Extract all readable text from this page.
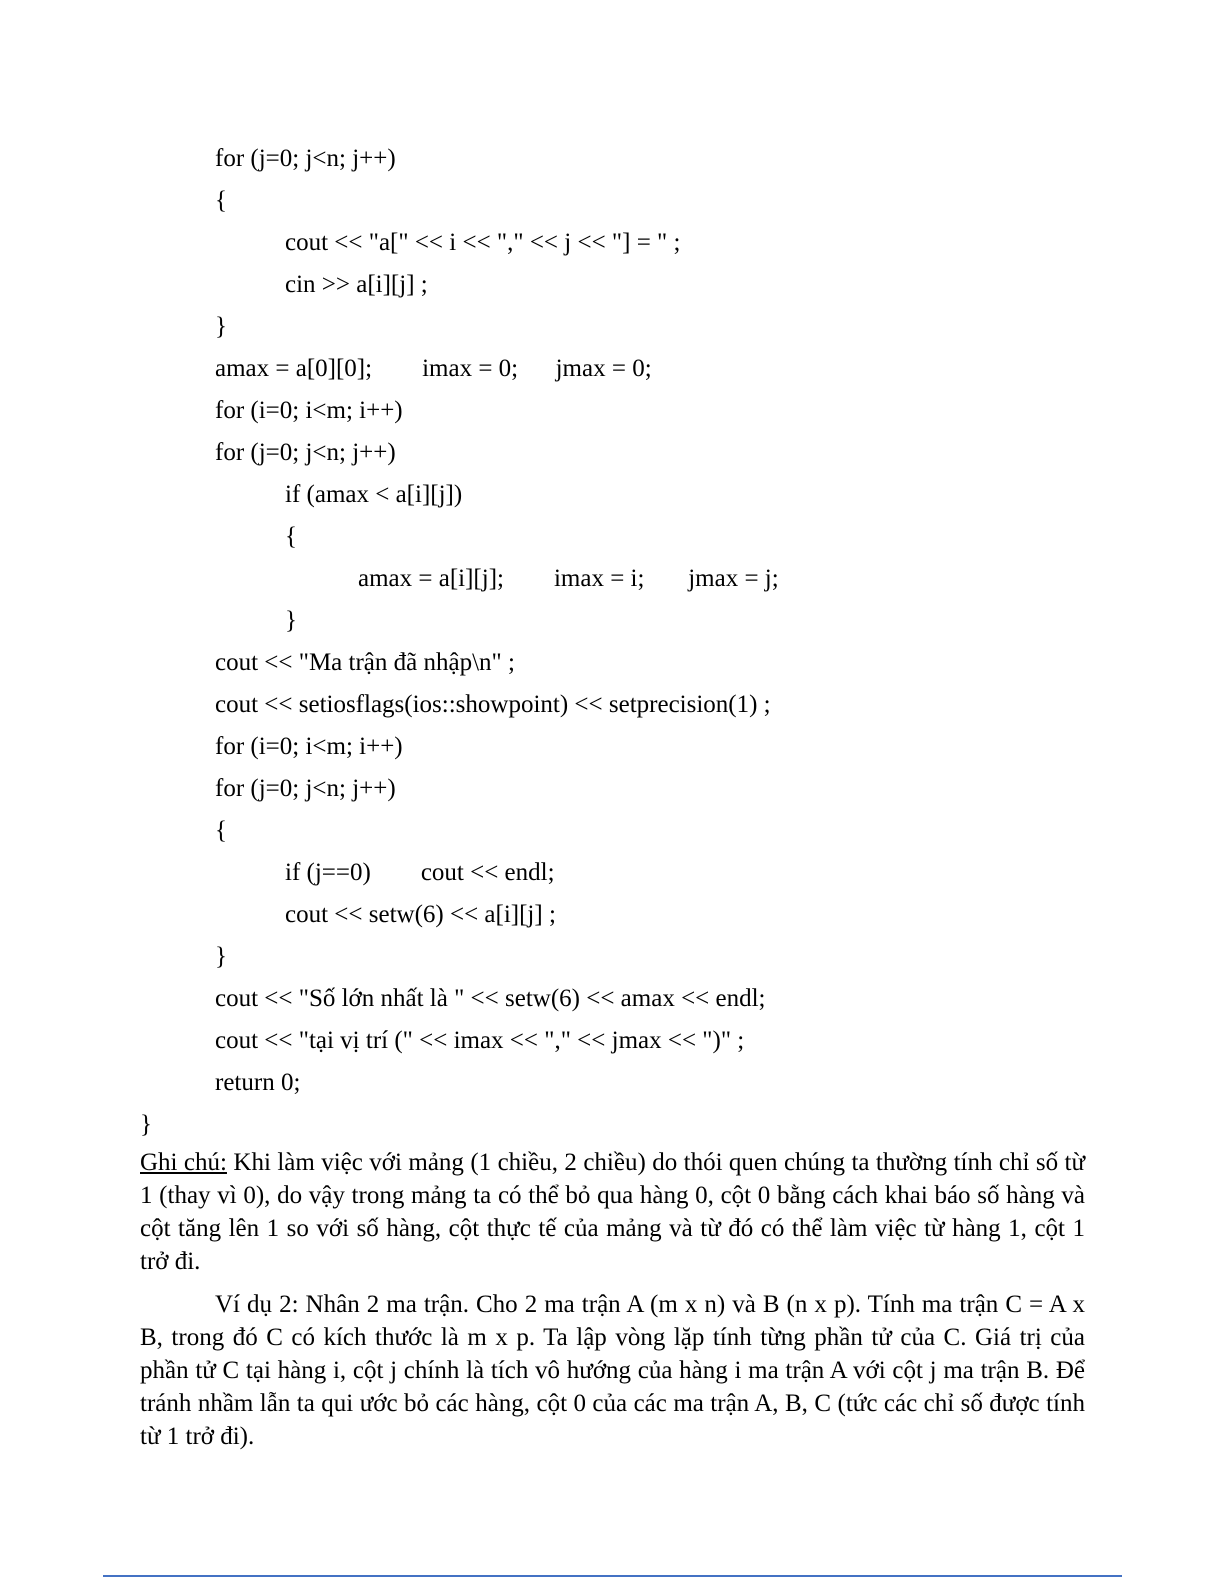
for (j=0; j<n; j++)
{
cout << "a[" << i << "," << j << "] = " ;
cin >> a[i][j] ;
}
amax = a[0][0];        imax = 0;      jmax = 0;
for (i=0; i<m; i++)
for (j=0; j<n; j++)
if (amax < a[i][j])
{
amax = a[i][j];        imax = i;       jmax = j;
}
cout << "Ma trận đã nhập\n" ;
cout << setiosflags(ios::showpoint) << setprecision(1) ;
for (i=0; i<m; i++)
for (j=0; j<n; j++)
{
if (j==0)        cout << endl;
cout << setw(6) << a[i][j] ;
}
cout << "Số lớn nhất là " << setw(6) << amax << endl;
cout << "tại vị trí (" << imax << "," << jmax << ")" ;
return 0;
}

Ghi chú: Khi làm việc với mảng (1 chiều, 2 chiều) do thói quen chúng ta thường tính chỉ số từ 1 (thay vì 0), do vậy trong mảng ta có thể bỏ qua hàng 0, cột 0 bằng cách khai báo số hàng và cột tăng lên 1 so với số hàng, cột thực tế của mảng và từ đó có thể làm việc từ hàng 1, cột 1 trở đi.

Ví dụ 2: Nhân 2 ma trận. Cho 2 ma trận A (m x n) và B (n x p). Tính ma trận C = A x B, trong đó C có kích thước là m x p. Ta lập vòng lặp tính từng phần tử của C. Giá trị của phần tử C tại hàng i, cột j chính là tích vô hướng của hàng i ma trận A với cột j ma trận B. Để tránh nhầm lẫn ta qui ước bỏ các hàng, cột 0 của các ma trận A, B, C (tức các chỉ số được tính từ 1 trở đi).
